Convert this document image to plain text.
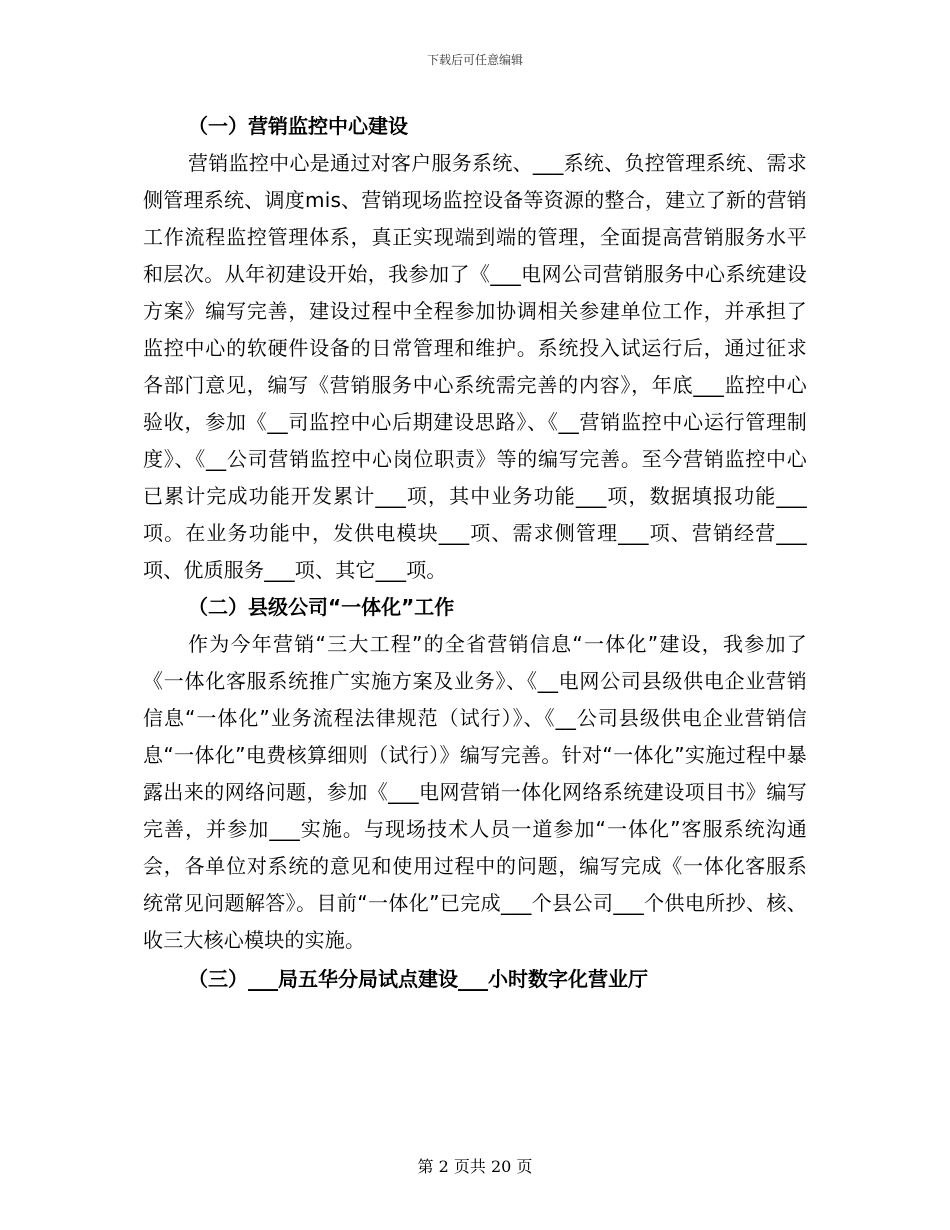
下载后可任意编辑
（一）营销监控中心建设

营销监控中心是通过对客户服务系统、___系统、负控管理系统、需求侧管理系统、调度mis、营销现场监控设备等资源的整合，建立了新的营销工作流程监控管理体系，真正实现端到端的管理，全面提高营销服务水平和层次。从年初建设开始，我参加了《___电网公司营销服务中心系统建设方案》编写完善，建设过程中全程参加协调相关参建单位工作，并承担了监控中心的软硬件设备的日常管理和维护。系统投入试运行后，通过征求各部门意见，编写《营销服务中心系统需完善的内容》，年底___监控中心验收，参加《__司监控中心后期建设思路》、《__营销监控中心运行管理制度》、《__公司营销监控中心岗位职责》等的编写完善。至今营销监控中心已累计完成功能开发累计___项，其中业务功能___项，数据填报功能___项。在业务功能中，发供电模块___项、需求侧管理___项、营销经营___项、优质服务___项、其它___项。

（二）县级公司“一体化”工作

作为今年营销“三大工程”的全省营销信息“一体化”建设，我参加了《一体化客服系统推广实施方案及业务》、《__电网公司县级供电企业营销信息“一体化”业务流程法律规范（试行）》、《__公司县级供电企业营销信息“一体化”电费核算细则（试行）》编写完善。针对“一体化”实施过程中暴露出来的网络问题，参加《___电网营销一体化网络系统建设项目书》编写完善，并参加___实施。与现场技术人员一道参加“一体化”客服系统沟通会，各单位对系统的意见和使用过程中的问题，编写完成《一体化客服系统常见问题解答》。目前“一体化”已完成___个县公司___个供电所抄、核、收三大核心模块的实施。

（三）___局五华分局试点建设___小时数字化营业厅
第 2 页共 20 页
